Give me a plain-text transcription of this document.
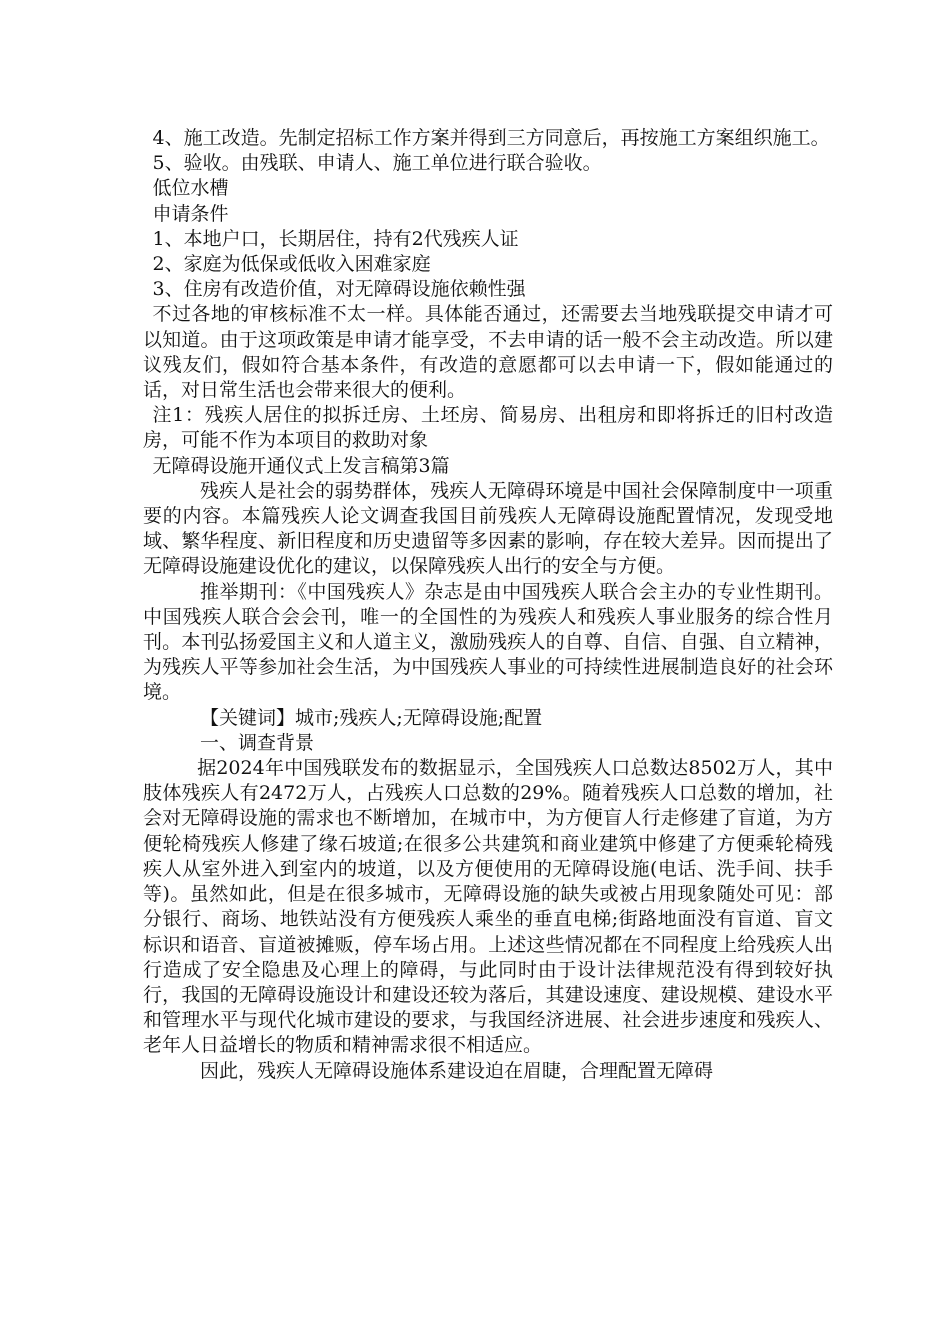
4、施工改造。先制定招标工作方案并得到三方同意后，再按施工方案组织施工。

5、验收。由残联、申请人、施工单位进行联合验收。

低位水槽

申请条件

1、本地户口，长期居住，持有2代残疾人证

2、家庭为低保或低收入困难家庭

3、住房有改造价值，对无障碍设施依赖性强

不过各地的审核标准不太一样。具体能否通过，还需要去当地残联提交申请才可以知道。由于这项政策是申请才能享受，不去申请的话一般不会主动改造。所以建议残友们，假如符合基本条件，有改造的意愿都可以去申请一下，假如能通过的话，对日常生活也会带来很大的便利。

注1：残疾人居住的拟拆迁房、土坯房、简易房、出租房和即将拆迁的旧村改造房，可能不作为本项目的救助对象

无障碍设施开通仪式上发言稿第3篇

残疾人是社会的弱势群体，残疾人无障碍环境是中国社会保障制度中一项重要的内容。本篇残疾人论文调查我国目前残疾人无障碍设施配置情况，发现受地域、繁华程度、新旧程度和历史遗留等多因素的影响，存在较大差异。因而提出了无障碍设施建设优化的建议，以保障残疾人出行的安全与方便。

推举期刊：《中国残疾人》杂志是由中国残疾人联合会主办的专业性期刊。中国残疾人联合会会刊，唯一的全国性的为残疾人和残疾人事业服务的综合性月刊。本刊弘扬爱国主义和人道主义，激励残疾人的自尊、自信、自强、自立精神，为残疾人平等参加社会生活，为中国残疾人事业的可持续性进展制造良好的社会环境。

【关键词】城市;残疾人;无障碍设施;配置

一、调查背景

据2024年中国残联发布的数据显示，全国残疾人口总数达8502万人，其中肢体残疾人有2472万人，占残疾人口总数的29%。随着残疾人口总数的增加，社会对无障碍设施的需求也不断增加，在城市中，为方便盲人行走修建了盲道，为方便轮椅残疾人修建了缘石坡道;在很多公共建筑和商业建筑中修建了方便乘轮椅残疾人从室外进入到室内的坡道，以及方便使用的无障碍设施(电话、洗手间、扶手等)。虽然如此，但是在很多城市，无障碍设施的缺失或被占用现象随处可见：部分银行、商场、地铁站没有方便残疾人乘坐的垂直电梯;街路地面没有盲道、盲文标识和语音、盲道被摊贩，停车场占用。上述这些情况都在不同程度上给残疾人出行造成了安全隐患及心理上的障碍，与此同时由于设计法律规范没有得到较好执行，我国的无障碍设施设计和建设还较为落后，其建设速度、建设规模、建设水平和管理水平与现代化城市建设的要求，与我国经济进展、社会进步速度和残疾人、老年人日益增长的物质和精神需求很不相适应。

因此，残疾人无障碍设施体系建设迫在眉睫，合理配置无障碍
